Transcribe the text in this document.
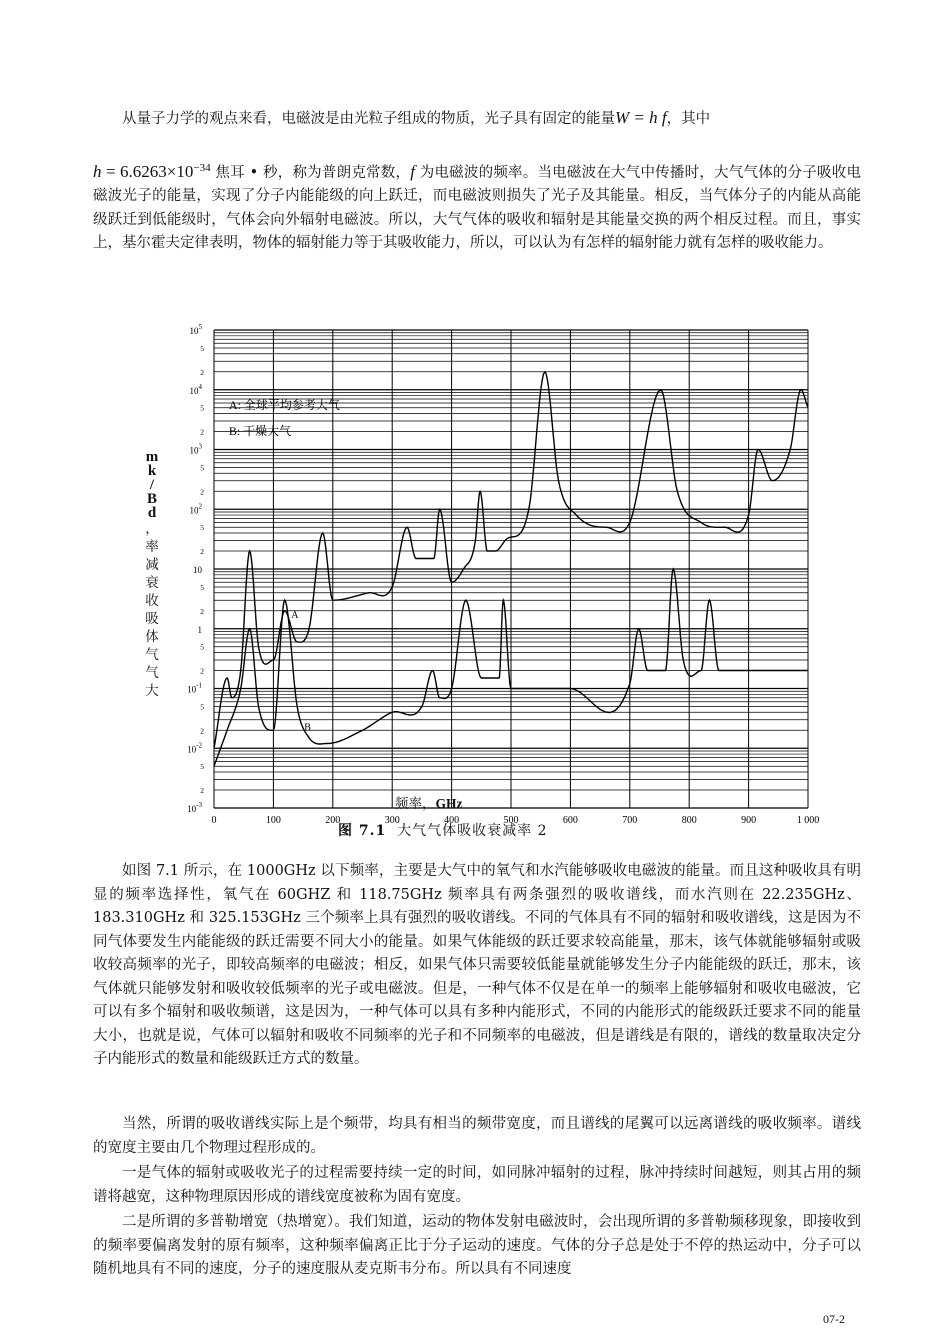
从量子力学的观点来看，电磁波是由光粒子组成的物质，光子具有固定的能量W = h f，其中
$h = 6.6263\times 10^{-34}$ 焦耳 • 秒，称为普朗克常数，f 为电磁波的频率。当电磁波在大气中传播时，大气气体的分子吸收电磁波光子的能量，实现了分子内能能级的向上跃迁，而电磁波则损失了光子及其能量。相反，当气体分子的内能从高能级跃迁到低能级时，气体会向外辐射电磁波。所以，大气气体的吸收和辐射是其能量交换的两个相反过程。而且，事实上，基尔霍夫定律表明，物体的辐射能力等于其吸收能力，所以，可以认为有怎样的辐射能力就有怎样的吸收能力。
2
5
2
5
2
5
2
5
2
5
2
5
2
5
2
5
0	100	200	300	400	500	600	700	800	900	1 000
$10^{-3}$
$10^{-2}$
$10^{-1}$
1
10
$10^2$
$10^3$
$10^4$
$10^5$
A: 全球平均参考大气
B: 干燥大气
A
B
频率，GHz
m
k
/
B
d
，率减衰收吸体气气大
图 7.1 大气气体吸收衰减率 2
如图 7.1 所示，在 1000GHz 以下频率，主要是大气中的氧气和水汽能够吸收电磁波的能量。而且这种吸收具有明显的频率选择性，氧气在 60GHZ 和 118.75GHz 频率具有两条强烈的吸收谱线，而水汽则在 22.235GHz、183.310GHz 和 325.153GHz 三个频率上具有强烈的吸收谱线。不同的气体具有不同的辐射和吸收谱线，这是因为不同气体要发生内能能级的跃迁需要不同大小的能量。如果气体能级的跃迁要求较高能量，那末，该气体就能够辐射或吸收较高频率的光子，即较高频率的电磁波；相反，如果气体只需要较低能量就能够发生分子内能能级的跃迁，那末，该气体就只能够发射和吸收较低频率的光子或电磁波。但是，一种气体不仅是在单一的频率上能够辐射和吸收电磁波，它可以有多个辐射和吸收频谱，这是因为，一种气体可以具有多种内能形式，不同的内能形式的能级跃迁要求不同的能量大小，也就是说，气体可以辐射和吸收不同频率的光子和不同频率的电磁波，但是谱线是有限的，谱线的数量取决定分子内能形式的数量和能级跃迁方式的数量。
当然，所谓的吸收谱线实际上是个频带，均具有相当的频带宽度，而且谱线的尾翼可以远离谱线的吸收频率。谱线的宽度主要由几个物理过程形成的。
一是气体的辐射或吸收光子的过程需要持续一定的时间，如同脉冲辐射的过程，脉冲持续时间越短，则其占用的频谱将越宽，这种物理原因形成的谱线宽度被称为固有宽度。
二是所谓的多普勒增宽（热增宽）。我们知道，运动的物体发射电磁波时，会出现所谓的多普勒频移现象，即接收到的频率要偏离发射的原有频率，这种频率偏离正比于分子运动的速度。气体的分子总是处于不停的热运动中，分子可以随机地具有不同的速度，分子的速度服从麦克斯韦分布。所以具有不同速度
07-2
